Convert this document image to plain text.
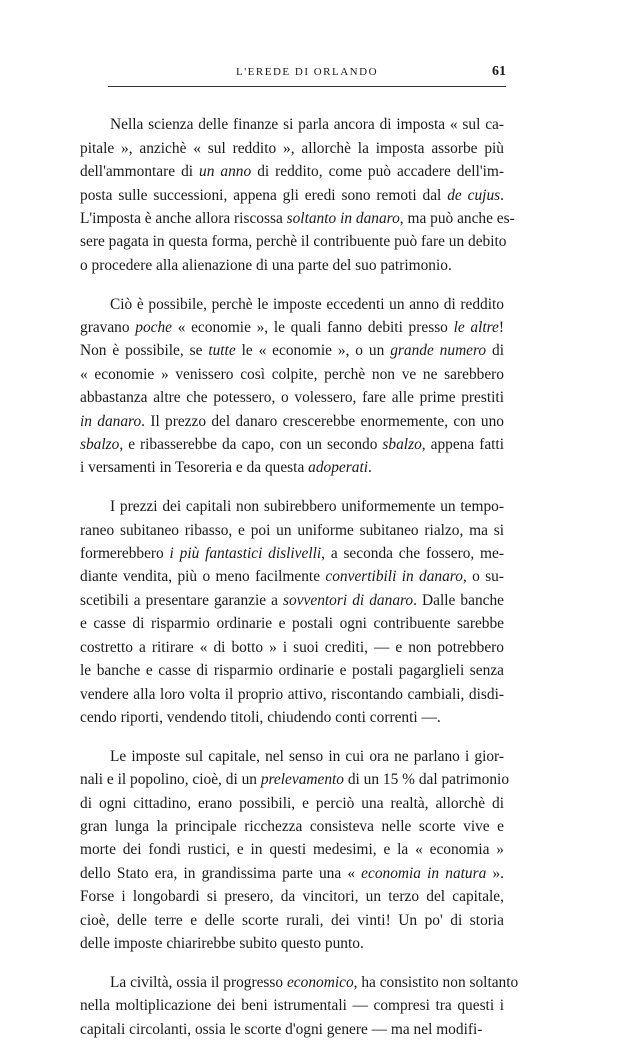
L'EREDE DI ORLANDO	61

Nella scienza delle finanze si parla ancora di imposta « sul ca-
pitale », anzichè « sul reddito », allorchè la imposta assorbe più
dell'ammontare di un anno di reddito, come può accadere dell'im-
posta sulle successioni, appena gli eredi sono remoti dal de cujus.
L'imposta è anche allora riscossa soltanto in danaro, ma può anche es-
sere pagata in questa forma, perchè il contribuente può fare un debito
o procedere alla alienazione di una parte del suo patrimonio.

Ciò è possibile, perchè le imposte eccedenti un anno di reddito
gravano poche « economie », le quali fanno debiti presso le altre!
Non è possibile, se tutte le « economie », o un grande numero di
« economie » venissero così colpite, perchè non ve ne sarebbero
abbastanza altre che potessero, o volessero, fare alle prime prestiti
in danaro. Il prezzo del danaro crescerebbe enormemente, con uno
sbalzo, e ribasserebbe da capo, con un secondo sbalzo, appena fatti
i versamenti in Tesoreria e da questa adoperati.

I prezzi dei capitali non subirebbero uniformemente un tempo-
raneo subitaneo ribasso, e poi un uniforme subitaneo rialzo, ma si
formerebbero i più fantastici dislivelli, a seconda che fossero, me-
diante vendita, più o meno facilmente convertibili in danaro, o su-
scetibili a presentare garanzie a sovventori di danaro. Dalle banche
e casse di risparmio ordinarie e postali ogni contribuente sarebbe
costretto a ritirare « di botto » i suoi crediti, — e non potrebbero
le banche e casse di risparmio ordinarie e postali pagarglieli senza
vendere alla loro volta il proprio attivo, riscontando cambiali, disdi-
cendo riporti, vendendo titoli, chiudendo conti correnti —.

Le imposte sul capitale, nel senso in cui ora ne parlano i gior-
nali e il popolino, cioè, di un prelevamento di un 15 % dal patrimonio
di ogni cittadino, erano possibili, e perciò una realtà, allorchè di
gran lunga la principale ricchezza consisteva nelle scorte vive e
morte dei fondi rustici, e in questi medesimi, e la « economia »
dello Stato era, in grandissima parte una « economia in natura ».
Forse i longobardi si presero, da vincitori, un terzo del capitale,
cioè, delle terre e delle scorte rurali, dei vinti! Un po' di storia
delle imposte chiarirebbe subito questo punto.

La civiltà, ossia il progresso economico, ha consistito non soltanto
nella moltiplicazione dei beni istrumentali — compresi tra questi i
capitali circolanti, ossia le scorte d'ogni genere — ma nel modifi-
